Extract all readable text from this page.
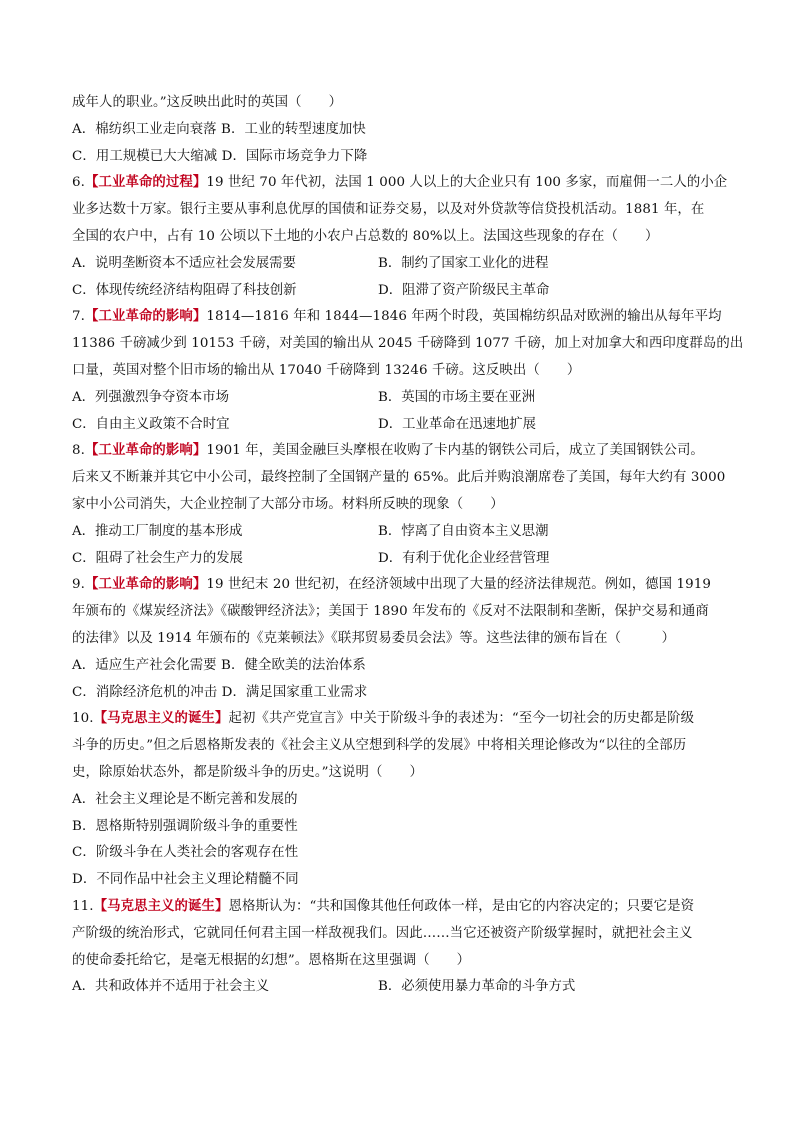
成年人的职业。”这反映出此时的英国（　　）
A．棉纺织工业走向衰落 B．工业的转型速度加快
C．用工规模已大大缩减 D．国际市场竞争力下降
6.【工业革命的过程】19 世纪 70 年代初，法国 1 000 人以上的大企业只有 100 多家，而雇佣一二人的小企
业多达数十万家。银行主要从事利息优厚的国债和证券交易，以及对外贷款等信贷投机活动。1881 年，在
全国的农户中，占有 10 公顷以下土地的小农户占总数的 80%以上。法国这些现象的存在（　　）
A．说明垄断资本不适应社会发展需要	B．制约了国家工业化的进程
C．体现传统经济结构阻碍了科技创新	D．阻滞了资产阶级民主革命
7.【工业革命的影响】1814—1816 年和 1844—1846 年两个时段，英国棉纺织品对欧洲的输出从每年平均
11386 千磅减少到 10153 千磅，对美国的输出从 2045 千磅降到 1077 千磅，加上对加拿大和西印度群岛的出
口量，英国对整个旧市场的输出从 17040 千磅降到 13246 千磅。这反映出（　　）
A．列强激烈争夺资本市场	B．英国的市场主要在亚洲
C．自由主义政策不合时宜	D．工业革命在迅速地扩展
8.【工业革命的影响】1901 年，美国金融巨头摩根在收购了卡内基的钢铁公司后，成立了美国钢铁公司。
后来又不断兼并其它中小公司，最终控制了全国钢产量的 65%。此后并购浪潮席卷了美国，每年大约有 3000
家中小公司消失，大企业控制了大部分市场。材料所反映的现象（　　）
A．推动工厂制度的基本形成	B．悖离了自由资本主义思潮
C．阻碍了社会生产力的发展	D．有利于优化企业经营管理
9.【工业革命的影响】19 世纪末 20 世纪初，在经济领域中出现了大量的经济法律规范。例如，德国 1919
年颁布的《煤炭经济法》《碳酸钾经济法》；美国于 1890 年发布的《反对不法限制和垄断，保护交易和通商
的法律》以及 1914 年颁布的《克莱顿法》《联邦贸易委员会法》等。这些法律的颁布旨在（　　　）
A．适应生产社会化需要 B．健全欧美的法治体系
C．消除经济危机的冲击 D．满足国家重工业需求
10.【马克思主义的诞生】起初《共产党宣言》中关于阶级斗争的表述为：“至今一切社会的历史都是阶级
斗争的历史。”但之后恩格斯发表的《社会主义从空想到科学的发展》中将相关理论修改为“以往的全部历
史，除原始状态外，都是阶级斗争的历史。”这说明（　　）
A．社会主义理论是不断完善和发展的
B．恩格斯特别强调阶级斗争的重要性
C．阶级斗争在人类社会的客观存在性
D．不同作品中社会主义理论精髓不同
11.【马克思主义的诞生】恩格斯认为：“共和国像其他任何政体一样，是由它的内容决定的；只要它是资
产阶级的统治形式，它就同任何君主国一样敌视我们。因此……当它还被资产阶级掌握时，就把社会主义
的使命委托给它，是毫无根据的幻想”。恩格斯在这里强调（　　）
A．共和政体并不适用于社会主义	B．必须使用暴力革命的斗争方式
